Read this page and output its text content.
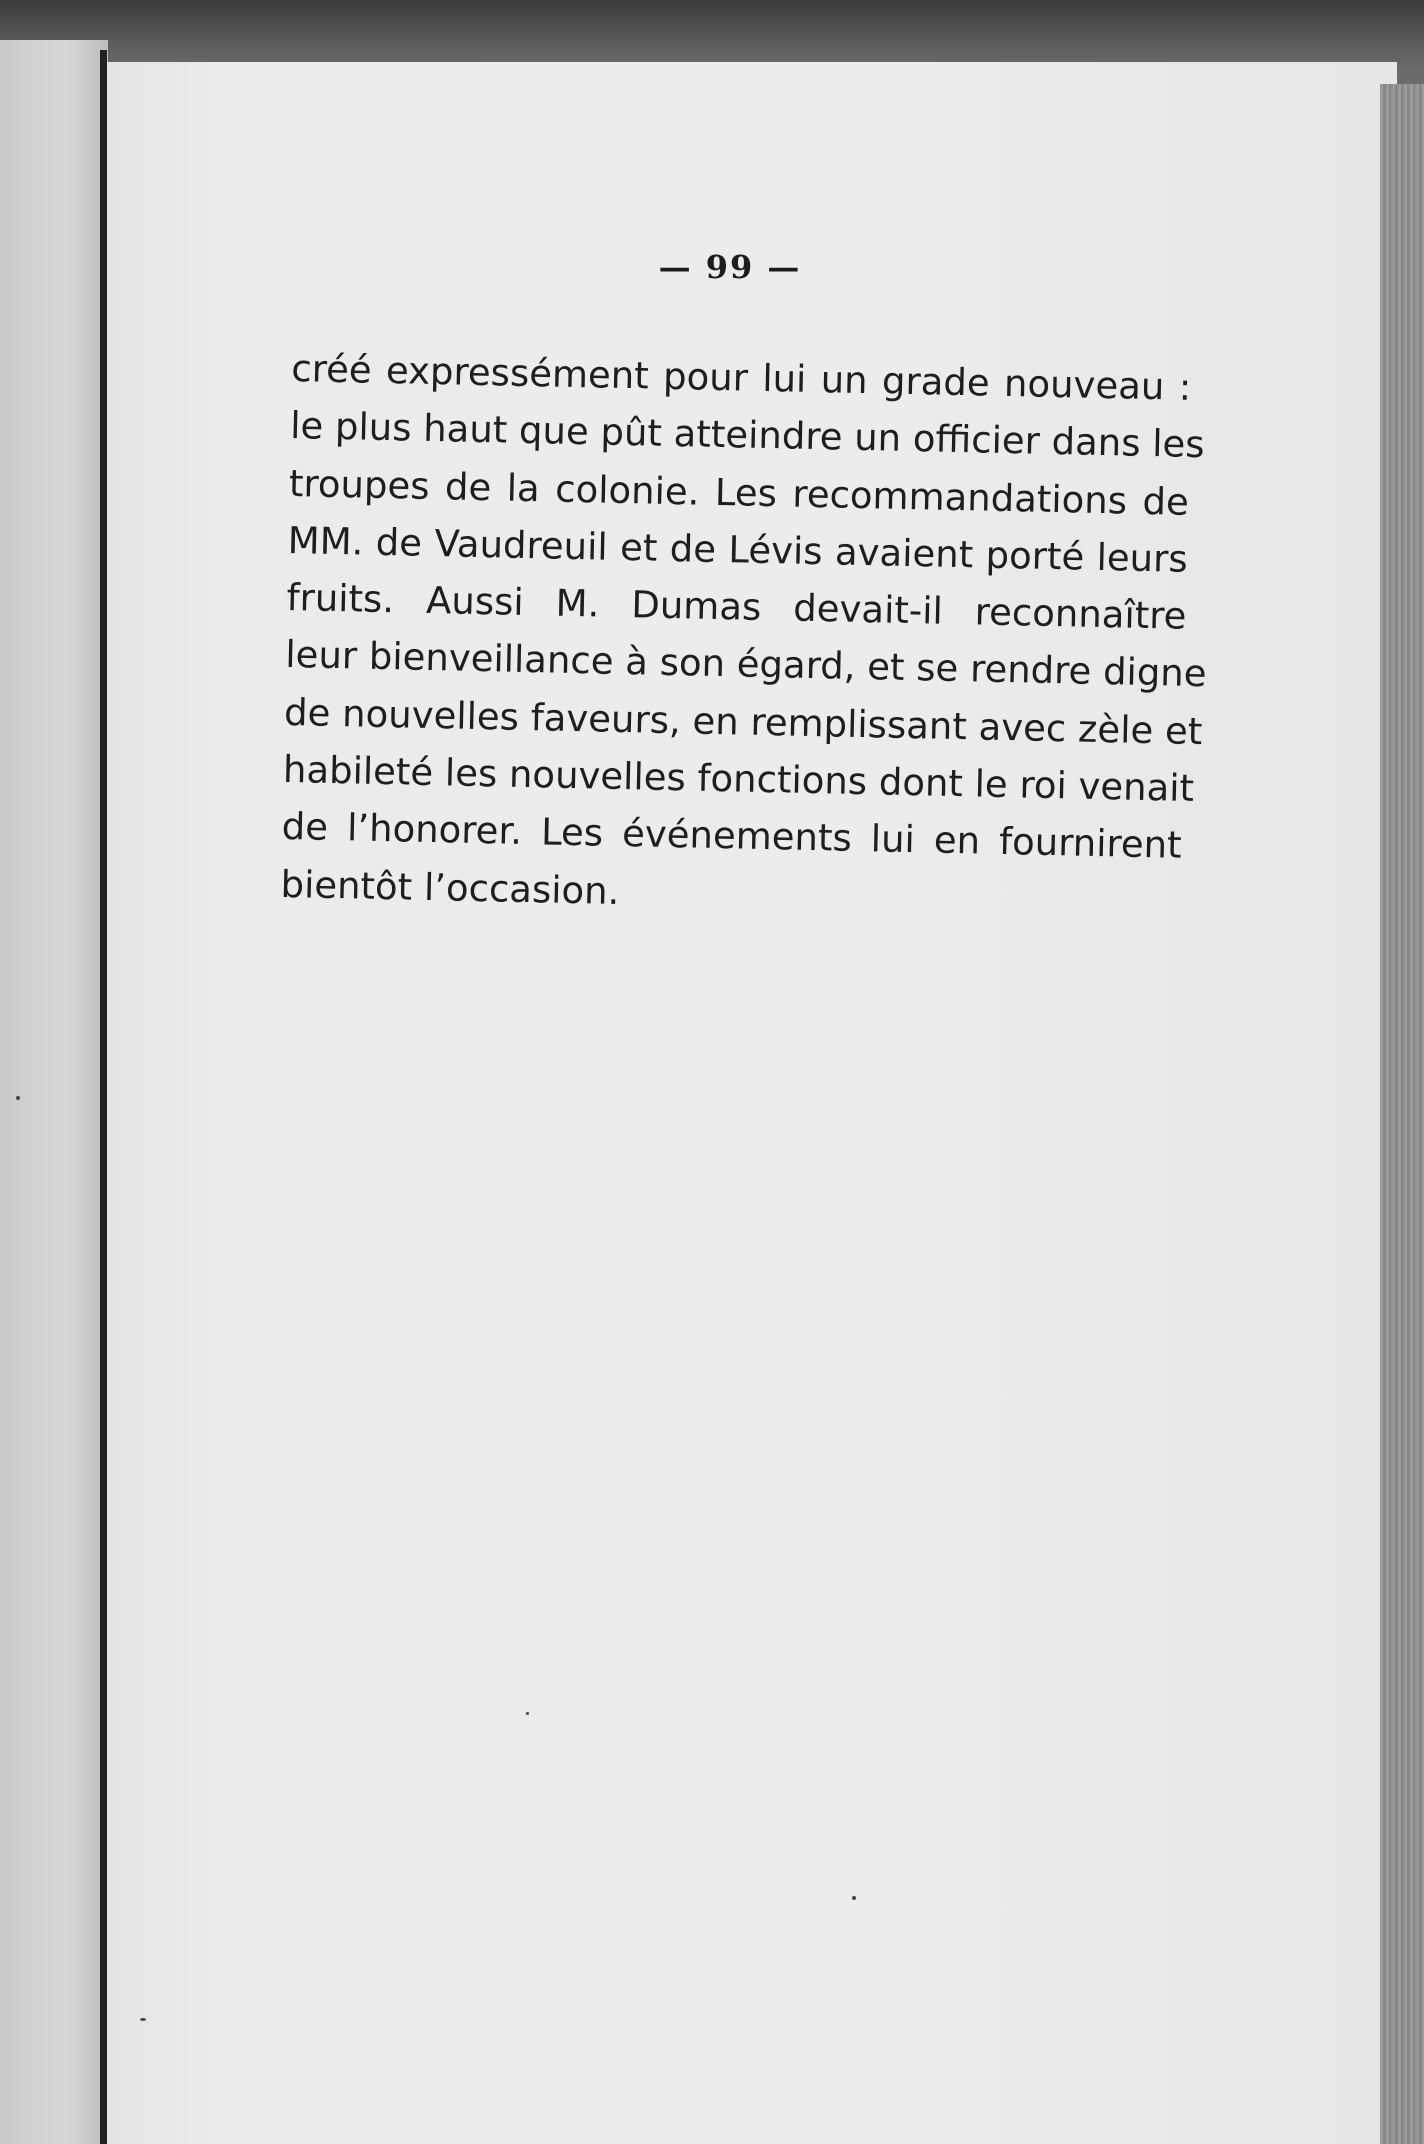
— 99 —
créé expressément pour lui un grade nouveau :
le plus haut que pût atteindre un officier dans les
troupes de la colonie. Les recommandations de
MM. de Vaudreuil et de Lévis avaient porté leurs
fruits. Aussi M. Dumas devait-il reconnaître
leur bienveillance à son égard, et se rendre digne
de nouvelles faveurs, en remplissant avec zèle et
habileté les nouvelles fonctions dont le roi venait
de l’honorer. Les événements lui en fournirent
bientôt l’occasion.
